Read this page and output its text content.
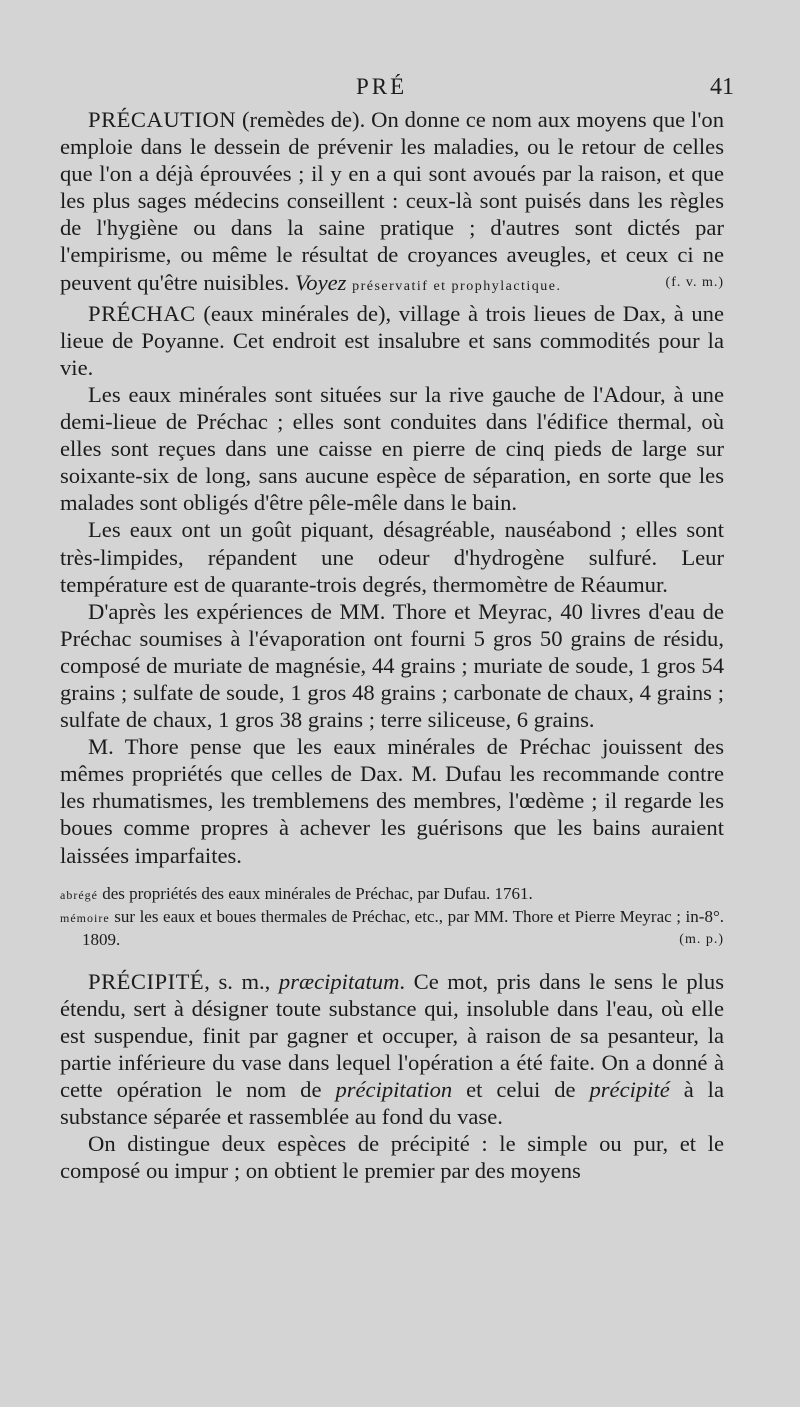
PRÉ	41

PRÉCAUTION (remèdes de). On donne ce nom aux moyens que l'on emploie dans le dessein de prévenir les maladies, ou le retour de celles que l'on a déjà éprouvées ; il y en a qui sont avoués par la raison, et que les plus sages médecins conseillent : ceux-là sont puisés dans les règles de l'hygiène ou dans la saine pratique ; d'autres sont dictés par l'empirisme, ou même le résultat de croyances aveugles, et ceux ci ne peuvent qu'être nuisibles. Voyez préservatif et prophylactique.	(f. v. m.)

PRÉCHAC (eaux minérales de), village à trois lieues de Dax, à une lieue de Poyanne. Cet endroit est insalubre et sans commodités pour la vie.

Les eaux minérales sont situées sur la rive gauche de l'Adour, à une demi-lieue de Préchac ; elles sont conduites dans l'édifice thermal, où elles sont reçues dans une caisse en pierre de cinq pieds de large sur soixante-six de long, sans aucune espèce de séparation, en sorte que les malades sont obligés d'être pêle-mêle dans le bain.

Les eaux ont un goût piquant, désagréable, nauséabond ; elles sont très-limpides, répandent une odeur d'hydrogène sulfuré. Leur température est de quarante-trois degrés, thermomètre de Réaumur.

D'après les expériences de MM. Thore et Meyrac, 40 livres d'eau de Préchac soumises à l'évaporation ont fourni 5 gros 50 grains de résidu, composé de muriate de magnésie, 44 grains ; muriate de soude, 1 gros 54 grains ; sulfate de soude, 1 gros 48 grains ; carbonate de chaux, 4 grains ; sulfate de chaux, 1 gros 38 grains ; terre siliceuse, 6 grains.

M. Thore pense que les eaux minérales de Préchac jouissent des mêmes propriétés que celles de Dax. M. Dufau les recommande contre les rhumatismes, les tremblemens des membres, l'œdème ; il regarde les boues comme propres à achever les guérisons que les bains auraient laissées imparfaites.

abrégé des propriétés des eaux minérales de Préchac, par Dufau. 1761.

mémoire sur les eaux et boues thermales de Préchac, etc., par MM. Thore et Pierre Meyrac ; in-8°. 1809.	(m. p.)

PRÉCIPITÉ, s. m., præcipitatum. Ce mot, pris dans le sens le plus étendu, sert à désigner toute substance qui, insoluble dans l'eau, où elle est suspendue, finit par gagner et occuper, à raison de sa pesanteur, la partie inférieure du vase dans lequel l'opération a été faite. On a donné à cette opération le nom de précipitation et celui de précipité à la substance séparée et rassemblée au fond du vase.

On distingue deux espèces de précipité : le simple ou pur, et le composé ou impur ; on obtient le premier par des moyens
